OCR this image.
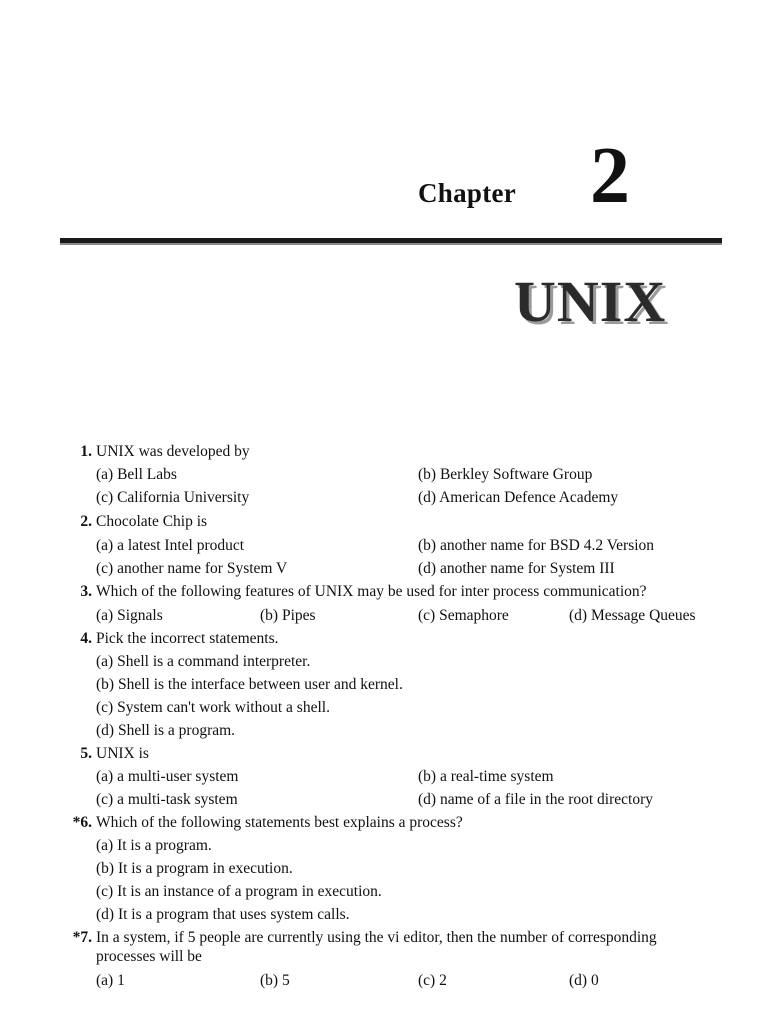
Chapter 2
UNIX
1. UNIX was developed by
(a) Bell Labs	(b) Berkley Software Group
(c) California University	(d) American Defence Academy
2. Chocolate Chip is
(a) a latest Intel product	(b) another name for BSD 4.2 Version
(c) another name for System V	(d) another name for System III
3. Which of the following features of UNIX may be used for inter process communication?
(a) Signals	(b) Pipes	(c) Semaphore	(d) Message Queues
4. Pick the incorrect statements.
(a) Shell is a command interpreter.
(b) Shell is the interface between user and kernel.
(c) System can't work without a shell.
(d) Shell is a program.
5. UNIX is
(a) a multi-user system	(b) a real-time system
(c) a multi-task system	(d) name of a file in the root directory
*6. Which of the following statements best explains a process?
(a) It is a program.
(b) It is a program in execution.
(c) It is an instance of a program in execution.
(d) It is a program that uses system calls.
*7. In a system, if 5 people are currently using the vi editor, then the number of corresponding
processes will be
(a) 1	(b) 5	(c) 2	(d) 0
